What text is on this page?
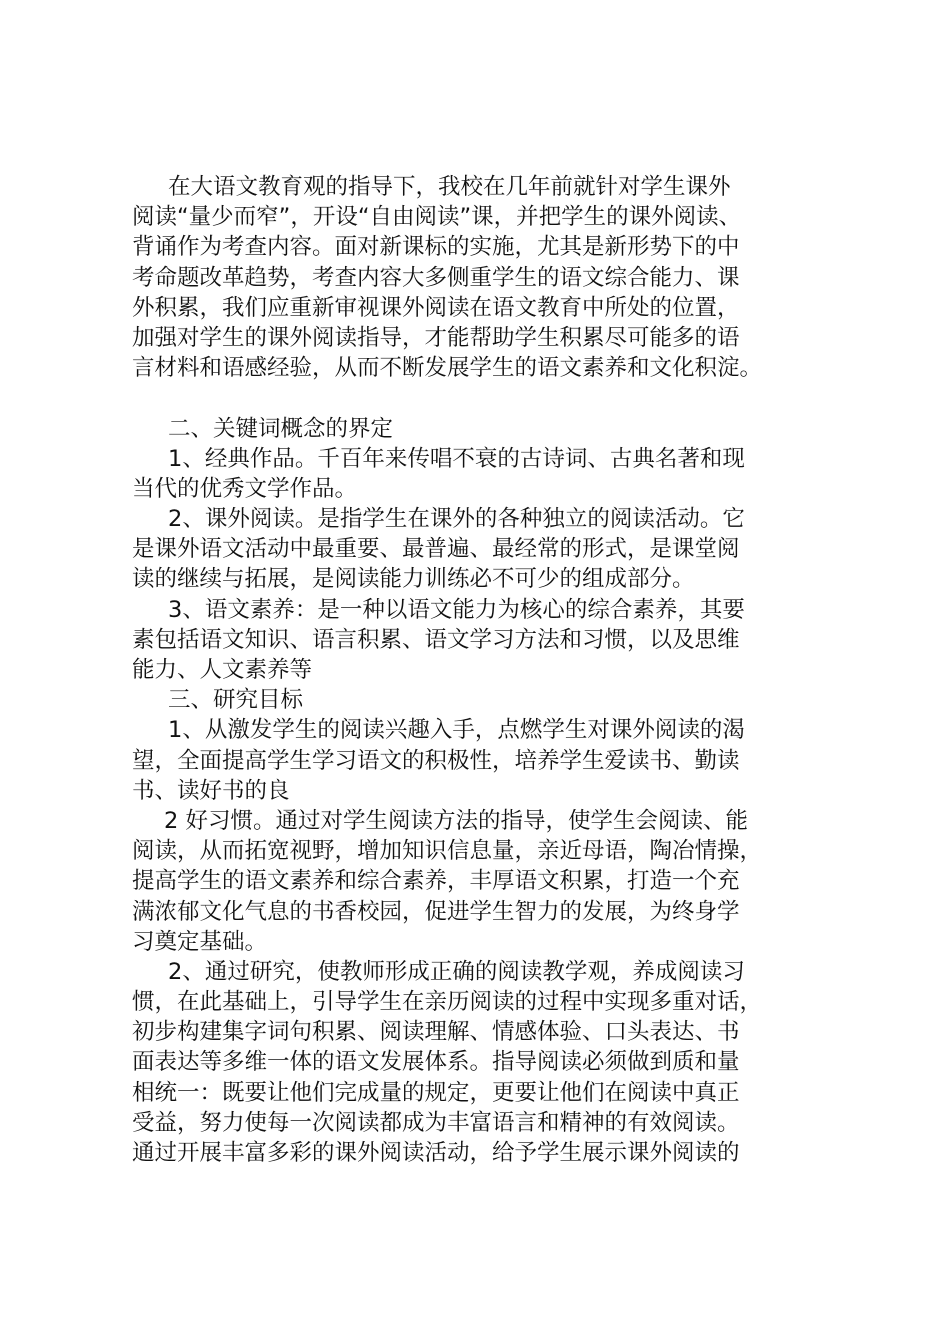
在大语文教育观的指导下，我校在几年前就针对学生课外
阅读“量少而窄”，开设“自由阅读”课，并把学生的课外阅读、
背诵作为考查内容。面对新课标的实施，尤其是新形势下的中
考命题改革趋势，考查内容大多侧重学生的语文综合能力、课
外积累，我们应重新审视课外阅读在语文教育中所处的位置，
加强对学生的课外阅读指导，才能帮助学生积累尽可能多的语
言材料和语感经验，从而不断发展学生的语文素养和文化积淀。
二、关键词概念的界定
1、经典作品。千百年来传唱不衰的古诗词、古典名著和现
当代的优秀文学作品。
2、课外阅读。是指学生在课外的各种独立的阅读活动。它
是课外语文活动中最重要、最普遍、最经常的形式，是课堂阅
读的继续与拓展，是阅读能力训练必不可少的组成部分。
3、语文素养：是一种以语文能力为核心的综合素养，其要
素包括语文知识、语言积累、语文学习方法和习惯，以及思维
能力、人文素养等
三、研究目标
1、从激发学生的阅读兴趣入手，点燃学生对课外阅读的渴
望，全面提高学生学习语文的积极性，培养学生爱读书、勤读
书、读好书的良
2 好习惯。通过对学生阅读方法的指导，使学生会阅读、能
阅读，从而拓宽视野，增加知识信息量，亲近母语，陶冶情操，
提高学生的语文素养和综合素养，丰厚语文积累，打造一个充
满浓郁文化气息的书香校园，促进学生智力的发展，为终身学
习奠定基础。
2、通过研究，使教师形成正确的阅读教学观，养成阅读习
惯，在此基础上，引导学生在亲历阅读的过程中实现多重对话，
初步构建集字词句积累、阅读理解、情感体验、口头表达、书
面表达等多维一体的语文发展体系。指导阅读必须做到质和量
相统一：既要让他们完成量的规定，更要让他们在阅读中真正
受益，努力使每一次阅读都成为丰富语言和精神的有效阅读。
通过开展丰富多彩的课外阅读活动，给予学生展示课外阅读的
